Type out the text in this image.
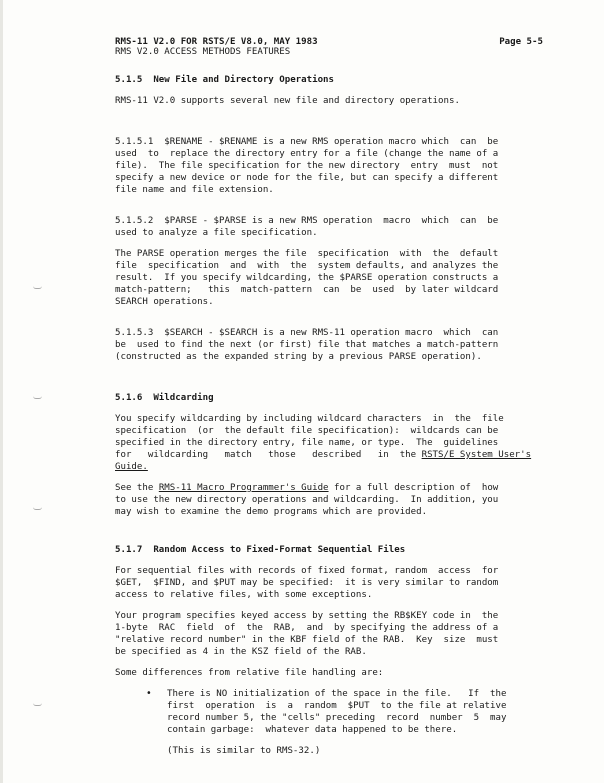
RMS-11 V2.0 FOR RSTS/E V8.0, MAY 1983
RMS V2.0 ACCESS METHODS FEATURES
Page 5-5
5.1.5  New File and Directory Operations
RMS-11 V2.0 supports several new file and directory operations.
5.1.5.1  $RENAME - $RENAME is a new RMS operation macro which  can  be
used  to  replace the directory entry for a file (change the name of a
file).  The file specification for the new directory  entry  must  not
specify a new device or node for the file, but can specify a different
file name and file extension.
5.1.5.2  $PARSE - $PARSE is a new RMS operation  macro  which  can  be
used to analyze a file specification.
The PARSE operation merges the file  specification  with  the  default
file  specification  and  with  the  system defaults, and analyzes the
result.  If you specify wildcarding, the $PARSE operation constructs a
match-pattern;   this  match-pattern  can  be  used  by later wildcard
SEARCH operations.
5.1.5.3  $SEARCH - $SEARCH is a new RMS-11 operation macro  which  can
be  used to find the next (or first) file that matches a match-pattern
(constructed as the expanded string by a previous PARSE operation).
5.1.6  Wildcarding
You specify wildcarding by including wildcard characters  in  the  file
specification  (or  the default file specification):  wildcards can be
specified in the directory entry, file name, or type.  The  guidelines
for   wildcarding   match   those   described   in  the RSTS/E System User's
Guide.
See the RMS-11 Macro Programmer's Guide for a full description of  how
to use the new directory operations and wildcarding.  In addition, you
may wish to examine the demo programs which are provided.
5.1.7  Random Access to Fixed-Format Sequential Files
For sequential files with records of fixed format, random  access  for
$GET,  $FIND, and $PUT may be specified:  it is very similar to random
access to relative files, with some exceptions.
Your program specifies keyed access by setting the RB$KEY code in  the
1-byte  RAC  field  of  the  RAB,  and  by specifying the address of a
"relative record number" in the KBF field of the RAB.  Key  size  must
be specified as 4 in the KSZ field of the RAB.
Some differences from relative file handling are:
• There is NO initialization of the space in the file.   If  the
first  operation  is  a  random  $PUT  to the file at relative
record number 5, the "cells" preceding  record  number  5  may
contain garbage:  whatever data happened to be there.
(This is similar to RMS-32.)
